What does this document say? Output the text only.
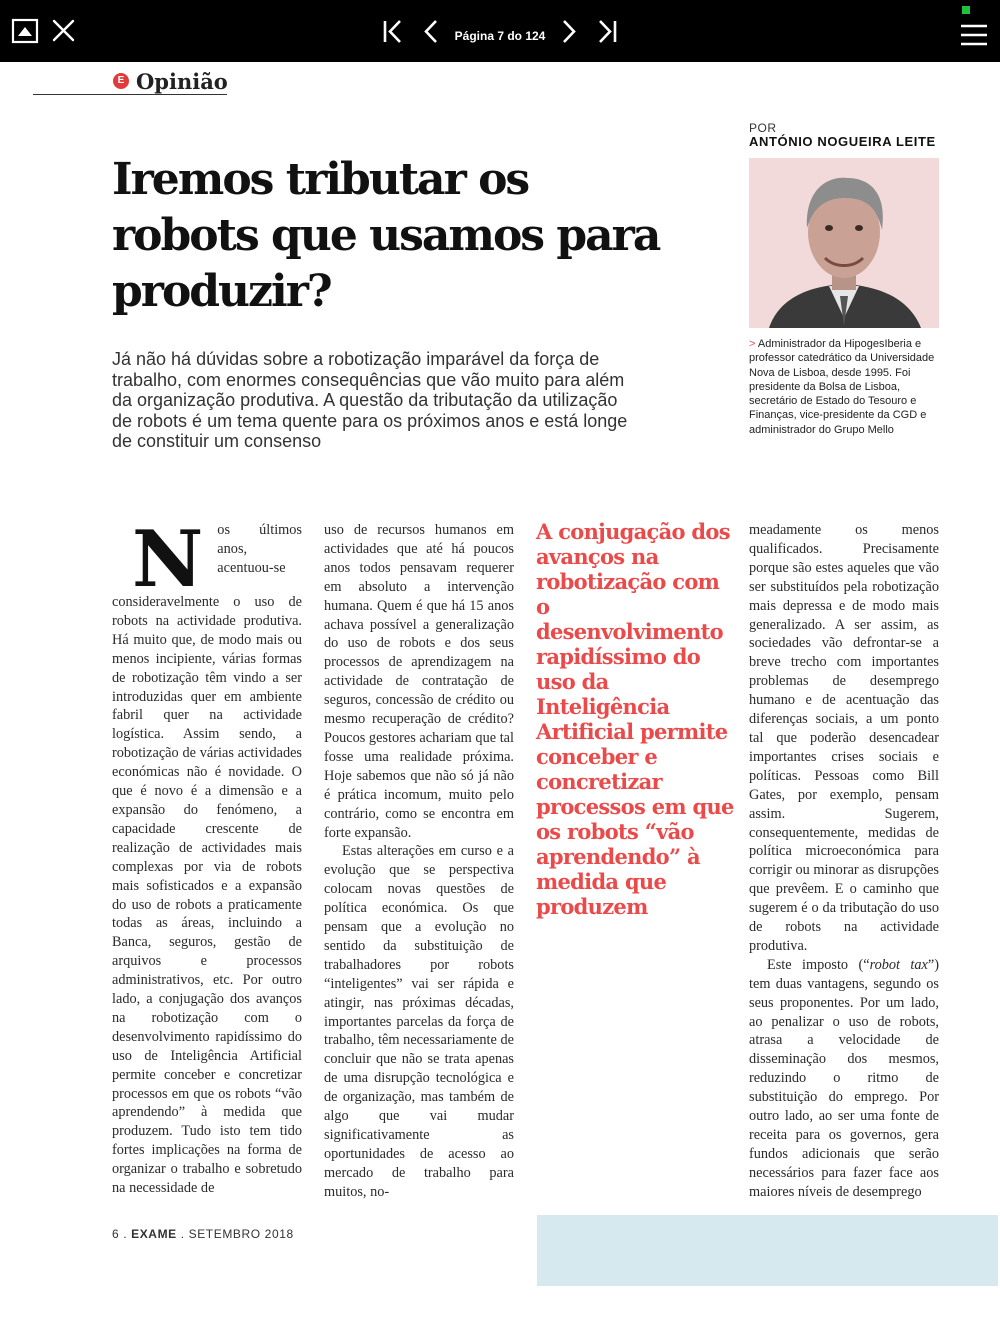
Página 7 do 124
E Opinião
Iremos tributar os robots que usamos para produzir?

Já não há dúvidas sobre a robotização imparável da força de trabalho, com enormes consequências que vão muito para além da organização produtiva. A questão da tributação da utilização de robots é um tema quente para os próximos anos e está longe de constituir um consenso

POR
ANTÓNIO NOGUEIRA LEITE

> Administrador da HipogesIberia e professor catedrático da Universidade Nova de Lisboa, desde 1995. Foi presidente da Bolsa de Lisboa, secretário de Estado do Tesouro e Finanças, vice-presidente da CGD e administrador do Grupo Mello

N os últimos anos, acentuou-se consideravelmente o uso de robots na actividade produtiva. Há muito que, de modo mais ou menos incipiente, várias formas de robotização têm vindo a ser introduzidas quer em ambiente fabril quer na actividade logística. Assim sendo, a robotização de várias actividades económicas não é novidade. O que é novo é a dimensão e a expansão do fenómeno, a capacidade crescente de realização de actividades mais complexas por via de robots mais sofisticados e a expansão do uso de robots a praticamente todas as áreas, incluindo a Banca, seguros, gestão de arquivos e processos administrativos, etc. Por outro lado, a conjugação dos avanços na robotização com o desenvolvimento rapidíssimo do uso de Inteligência Artificial permite conceber e concretizar processos em que os robots “vão aprendendo” à medida que produzem. Tudo isto tem tido fortes implicações na forma de organizar o trabalho e sobretudo na necessidade de

uso de recursos humanos em actividades que até há poucos anos todos pensavam requerer em absoluto a intervenção humana. Quem é que há 15 anos achava possível a generalização do uso de robots e dos seus processos de aprendizagem na actividade de contratação de seguros, concessão de crédito ou mesmo recuperação de crédito? Poucos gestores achariam que tal fosse uma realidade próxima. Hoje sabemos que não só já não é prática incomum, muito pelo contrário, como se encontra em forte expansão.

Estas alterações em curso e a evolução que se perspectiva colocam novas questões de política económica. Os que pensam que a evolução no sentido da substituição de trabalhadores por robots “inteligentes” vai ser rápida e atingir, nas próximas décadas, importantes parcelas da força de trabalho, têm necessariamente de concluir que não se trata apenas de uma disrupção tecnológica e de organização, mas também de algo que vai mudar significativamente as oportunidades de acesso ao mercado de trabalho para muitos, no-

A conjugação dos avanços na robotização com o desenvolvimento rapidíssimo do uso da Inteligência Artificial permite conceber e concretizar processos em que os robots “vão aprendendo” à medida que produzem

meadamente os menos qualificados. Precisamente porque são estes aqueles que vão ser substituídos pela robotização mais depressa e de modo mais generalizado. A ser assim, as sociedades vão defrontar-se a breve trecho com importantes problemas de desemprego humano e de acentuação das diferenças sociais, a um ponto tal que poderão desencadear importantes crises sociais e políticas. Pessoas como Bill Gates, por exemplo, pensam assim. Sugerem, consequentemente, medidas de política microeconómica para corrigir ou minorar as disrupções que prevêem. E o caminho que sugerem é o da tributação do uso de robots na actividade produtiva.

Este imposto (“robot tax”) tem duas vantagens, segundo os seus proponentes. Por um lado, ao penalizar o uso de robots, atrasa a velocidade de disseminação dos mesmos, reduzindo o ritmo de substituição do emprego. Por outro lado, ao ser uma fonte de receita para os governos, gera fundos adicionais que serão necessários para fazer face aos maiores níveis de desemprego

6 . EXAME . SETEMBRO 2018
